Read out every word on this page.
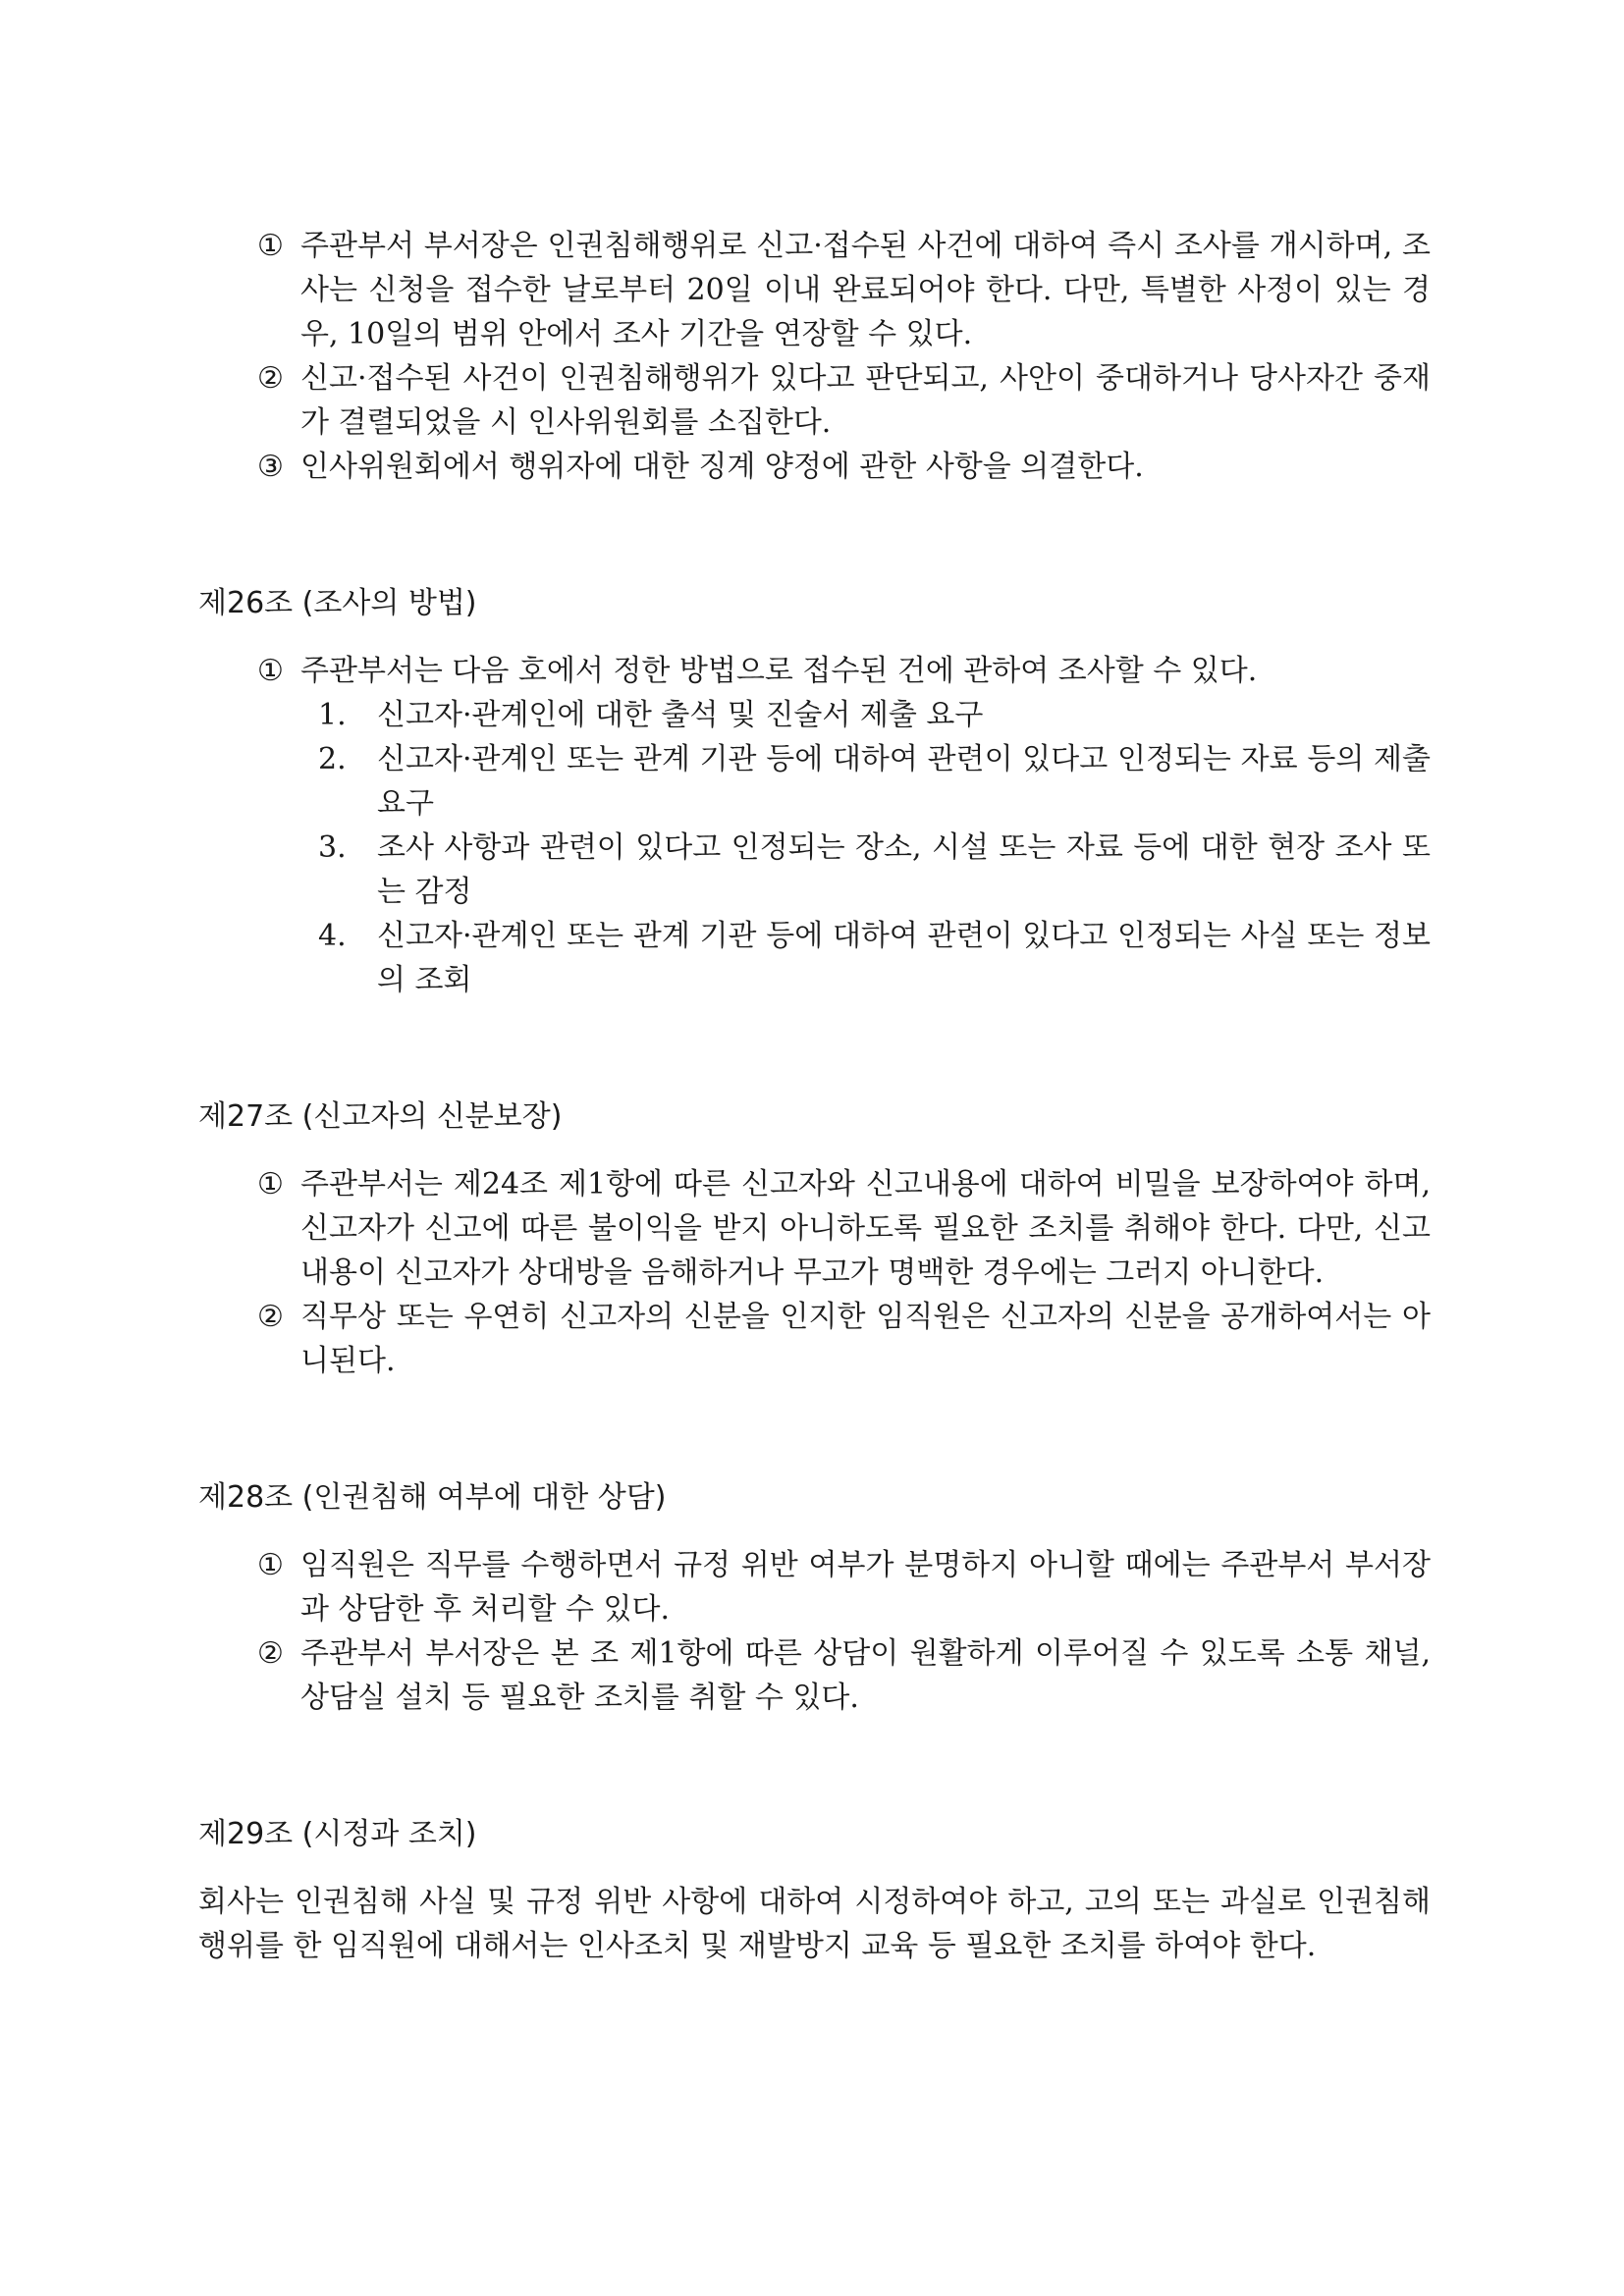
① 주관부서 부서장은 인권침해행위로 신고·접수된 사건에 대하여 즉시 조사를 개시하며, 조사는 신청을 접수한 날로부터 20일 이내 완료되어야 한다. 다만, 특별한 사정이 있는 경우, 10일의 범위 안에서 조사 기간을 연장할 수 있다.
② 신고·접수된 사건이 인권침해행위가 있다고 판단되고, 사안이 중대하거나 당사자간 중재가 결렬되었을 시 인사위원회를 소집한다.
③ 인사위원회에서 행위자에 대한 징계 양정에 관한 사항을 의결한다.
제26조 (조사의 방법)
① 주관부서는 다음 호에서 정한 방법으로 접수된 건에 관하여 조사할 수 있다.
1.	신고자·관계인에 대한 출석 및 진술서 제출 요구
2.	신고자·관계인 또는 관계 기관 등에 대하여 관련이 있다고 인정되는 자료 등의 제출 요구
3.	조사 사항과 관련이 있다고 인정되는 장소, 시설 또는 자료 등에 대한 현장 조사 또는 감정
4.	신고자·관계인 또는 관계 기관 등에 대하여 관련이 있다고 인정되는 사실 또는 정보의 조회
제27조 (신고자의 신분보장)
① 주관부서는 제24조 제1항에 따른 신고자와 신고내용에 대하여 비밀을 보장하여야 하며, 신고자가 신고에 따른 불이익을 받지 아니하도록 필요한 조치를 취해야 한다. 다만, 신고 내용이 신고자가 상대방을 음해하거나 무고가 명백한 경우에는 그러지 아니한다.
② 직무상 또는 우연히 신고자의 신분을 인지한 임직원은 신고자의 신분을 공개하여서는 아니된다.
제28조 (인권침해 여부에 대한 상담)
① 임직원은 직무를 수행하면서 규정 위반 여부가 분명하지 아니할 때에는 주관부서 부서장과 상담한 후 처리할 수 있다.
② 주관부서 부서장은 본 조 제1항에 따른 상담이 원활하게 이루어질 수 있도록 소통 채널, 상담실 설치 등 필요한 조치를 취할 수 있다.
제29조 (시정과 조치)
회사는 인권침해 사실 및 규정 위반 사항에 대하여 시정하여야 하고, 고의 또는 과실로 인권침해행위를 한 임직원에 대해서는 인사조치 및 재발방지 교육 등 필요한 조치를 하여야 한다.
